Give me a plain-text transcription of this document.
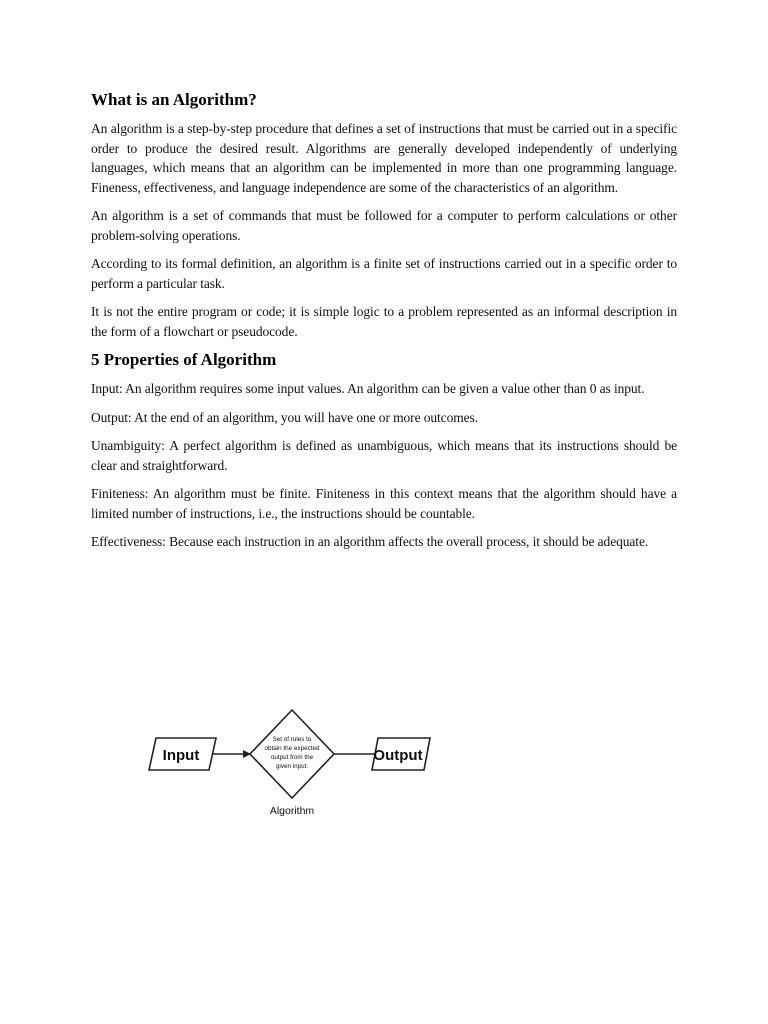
What is an Algorithm?

An algorithm is a step-by-step procedure that defines a set of instructions that must be carried out in a specific order to produce the desired result. Algorithms are generally developed independently of underlying languages, which means that an algorithm can be implemented in more than one programming language. Fineness, effectiveness, and language independence are some of the characteristics of an algorithm.

An algorithm is a set of commands that must be followed for a computer to perform calculations or other problem-solving operations.

According to its formal definition, an algorithm is a finite set of instructions carried out in a specific order to perform a particular task.

It is not the entire program or code; it is simple logic to a problem represented as an informal description in the form of a flowchart or pseudocode.

5 Properties of Algorithm

Input: An algorithm requires some input values. An algorithm can be given a value other than 0 as input.

Output: At the end of an algorithm, you will have one or more outcomes.

Unambiguity: A perfect algorithm is defined as unambiguous, which means that its instructions should be clear and straightforward.

Finiteness: An algorithm must be finite. Finiteness in this context means that the algorithm should have a limited number of instructions, i.e., the instructions should be countable.

Effectiveness: Because each instruction in an algorithm affects the overall process, it should be adequate.

Input
Set of rules to
obtain the expected
output from the
given input.
Output
Algorithm
